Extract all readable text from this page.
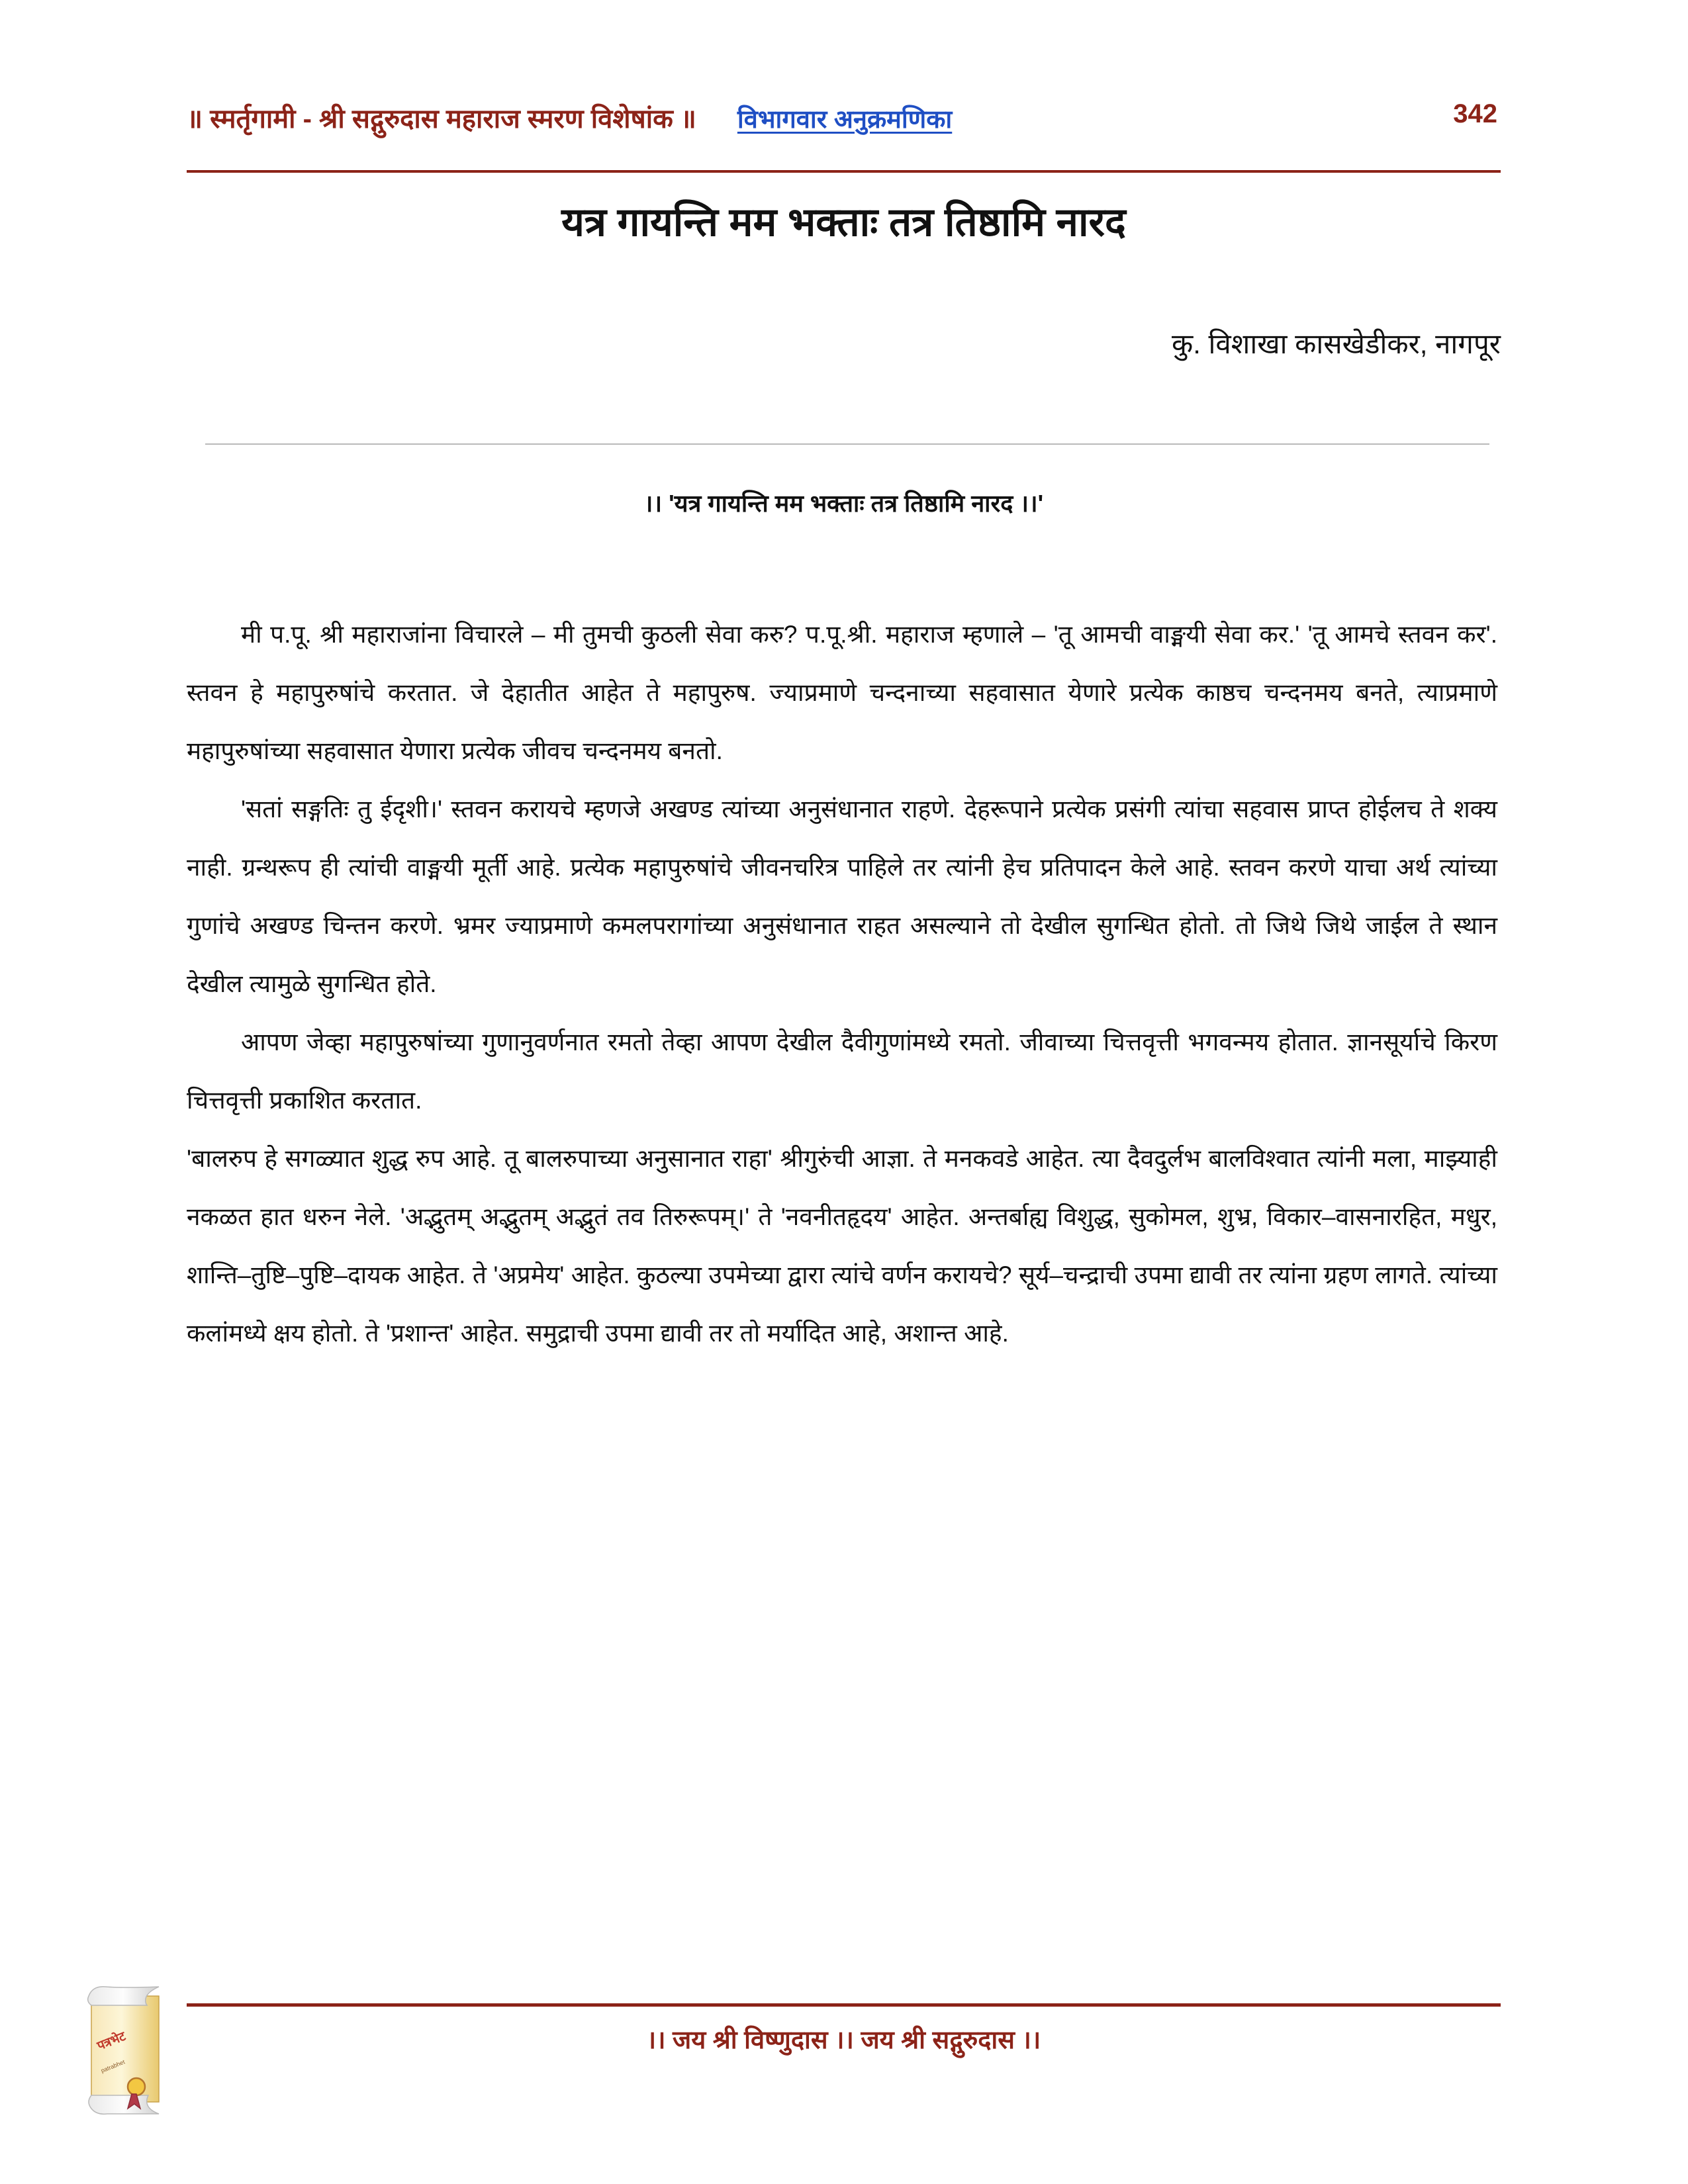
॥ स्मर्तृगामी - श्री सद्गुरुदास महाराज स्मरण विशेषांक ॥ विभागवार अनुक्रमणिका	342
यत्र गायन्ति मम भक्ताः तत्र तिष्ठामि नारद
कु. विशाखा कासखेडीकर, नागपूर
।। 'यत्र गायन्ति मम भक्ताः तत्र तिष्ठामि नारद ।।'

मी प.पू. श्री महाराजांना विचारले – मी तुमची कुठली सेवा करु? प.पू.श्री. महाराज म्हणाले – 'तू आमची वाङ्मयी सेवा कर.' 'तू आमचे स्तवन कर'. स्तवन हे महापुरुषांचे करतात. जे देहातीत आहेत ते महापुरुष. ज्याप्रमाणे चन्दनाच्या सहवासात येणारे प्रत्येक काष्ठच चन्दनमय बनते, त्याप्रमाणे महापुरुषांच्या सहवासात येणारा प्रत्येक जीवच चन्दनमय बनतो.

'सतां सङ्गतिः तु ईदृशी।' स्तवन करायचे म्हणजे अखण्ड त्यांच्या अनुसंधानात राहणे. देहरूपाने प्रत्येक प्रसंगी त्यांचा सहवास प्राप्त होईलच ते शक्य नाही. ग्रन्थरूप ही त्यांची वाङ्मयी मूर्ती आहे. प्रत्येक महापुरुषांचे जीवनचरित्र पाहिले तर त्यांनी हेच प्रतिपादन केले आहे. स्तवन करणे याचा अर्थ त्यांच्या गुणांचे अखण्ड चिन्तन करणे. भ्रमर ज्याप्रमाणे कमलपरागांच्या अनुसंधानात राहत असल्याने तो देखील सुगन्धित होतो. तो जिथे जिथे जाईल ते स्थान देखील त्यामुळे सुगन्धित होते.

आपण जेव्हा महापुरुषांच्या गुणानुवर्णनात रमतो तेव्हा आपण देखील दैवीगुणांमध्ये रमतो. जीवाच्या चित्तवृत्ती भगवन्मय होतात. ज्ञानसूर्याचे किरण चित्तवृत्ती प्रकाशित करतात.

'बालरुप हे सगळ्यात शुद्ध रुप आहे. तू बालरुपाच्या अनुसानात राहा' श्रीगुरुंची आज्ञा. ते मनकवडे आहेत. त्या दैवदुर्लभ बालविश्वात त्यांनी मला, माझ्याही नकळत हात धरुन नेले. 'अद्भुतम् अद्भुतम् अद्भुतं तव तिरुरूपम्।' ते 'नवनीतहृदय' आहेत. अन्तर्बाह्य विशुद्ध, सुकोमल, शुभ्र, विकार–वासनारहित, मधुर, शान्ति–तुष्टि–पुष्टि–दायक आहेत. ते 'अप्रमेय' आहेत. कुठल्या उपमेच्या द्वारा त्यांचे वर्णन करायचे? सूर्य–चन्द्राची उपमा द्यावी तर त्यांना ग्रहण लागते. त्यांच्या कलांमध्ये क्षय होतो. ते 'प्रशान्त' आहेत. समुद्राची उपमा द्यावी तर तो मर्यादित आहे, अशान्त आहे.

।। जय श्री विष्णुदास ।। जय श्री सद्गुरुदास ।।
पत्रभेट
patrabhet
